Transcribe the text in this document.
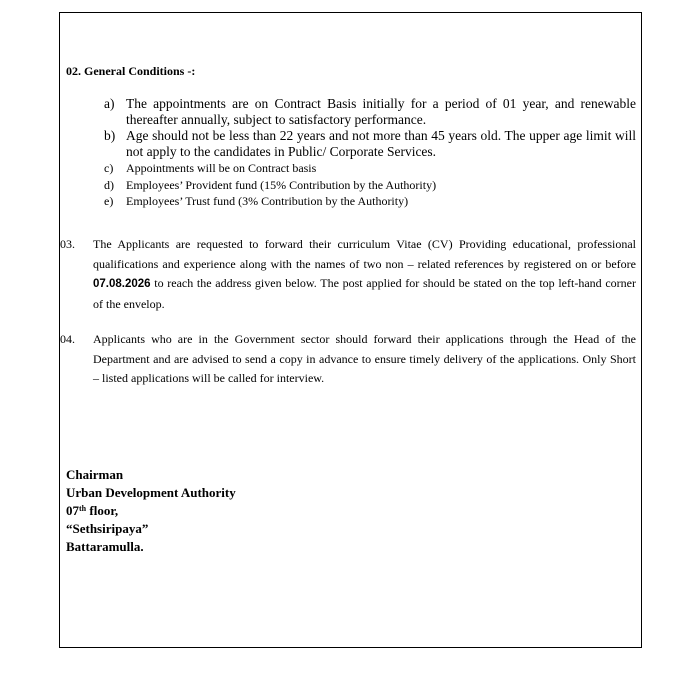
02. General Conditions -:
a) The appointments are on Contract Basis initially for a period of 01 year, and renewable thereafter annually, subject to satisfactory performance.
b) Age should not be less than 22 years and not more than 45 years old. The upper age limit will not apply to the candidates in Public/ Corporate Services.
c)	Appointments will be on Contract basis
d)	Employees’ Provident fund (15% Contribution by the Authority)
e)	Employees’ Trust fund (3% Contribution by the Authority)
03. The Applicants are requested to forward their curriculum Vitae (CV) Providing educational, professional qualifications and experience along with the names of two non – related references by registered on or before 07.08.2026 to reach the address given below. The post applied for should be stated on the top left-hand corner of the envelop.
04. Applicants who are in the Government sector should forward their applications through the Head of the Department and are advised to send a copy in advance to ensure timely delivery of the applications. Only Short – listed applications will be called for interview.
Chairman
Urban Development Authority
07th floor,
“Sethsiripaya”
Battaramulla.
